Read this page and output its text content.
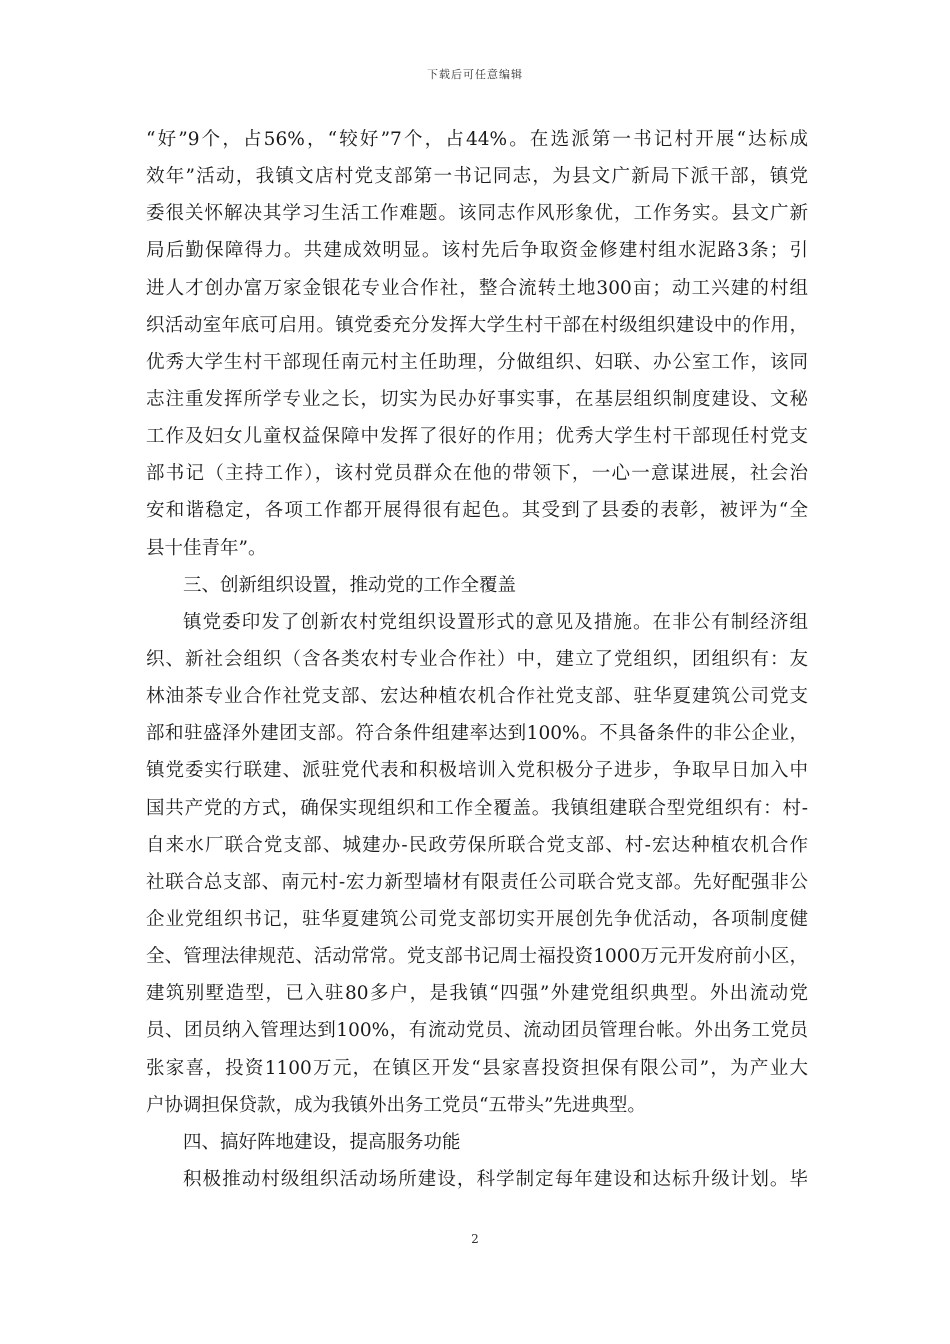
下载后可任意编辑
“好”9个，占56%，“较好”7个，占44%。在选派第一书记村开展“达标成
效年”活动，我镇文店村党支部第一书记同志，为县文广新局下派干部，镇党
委很关怀解决其学习生活工作难题。该同志作风形象优，工作务实。县文广新
局后勤保障得力。共建成效明显。该村先后争取资金修建村组水泥路3条；引
进人才创办富万家金银花专业合作社，整合流转土地300亩；动工兴建的村组
织活动室年底可启用。镇党委充分发挥大学生村干部在村级组织建设中的作用，
优秀大学生村干部现任南元村主任助理，分做组织、妇联、办公室工作，该同
志注重发挥所学专业之长，切实为民办好事实事，在基层组织制度建设、文秘
工作及妇女儿童权益保障中发挥了很好的作用；优秀大学生村干部现任村党支
部书记（主持工作），该村党员群众在他的带领下，一心一意谋进展，社会治
安和谐稳定，各项工作都开展得很有起色。其受到了县委的表彰，被评为“全
县十佳青年”。
三、创新组织设置，推动党的工作全覆盖
镇党委印发了创新农村党组织设置形式的意见及措施。在非公有制经济组
织、新社会组织（含各类农村专业合作社）中，建立了党组织，团组织有：友
林油茶专业合作社党支部、宏达种植农机合作社党支部、驻华夏建筑公司党支
部和驻盛泽外建团支部。符合条件组建率达到100%。不具备条件的非公企业，
镇党委实行联建、派驻党代表和积极培训入党积极分子进步，争取早日加入中
国共产党的方式，确保实现组织和工作全覆盖。我镇组建联合型党组织有：村-
自来水厂联合党支部、城建办-民政劳保所联合党支部、村-宏达种植农机合作
社联合总支部、南元村-宏力新型墙材有限责任公司联合党支部。先好配强非公
企业党组织书记，驻华夏建筑公司党支部切实开展创先争优活动，各项制度健
全、管理法律规范、活动常常。党支部书记周士福投资1000万元开发府前小区，
建筑别墅造型，已入驻80多户，是我镇“四强”外建党组织典型。外出流动党
员、团员纳入管理达到100%，有流动党员、流动团员管理台帐。外出务工党员
张家喜，投资1100万元，在镇区开发“县家喜投资担保有限公司”，为产业大
户协调担保贷款，成为我镇外出务工党员“五带头”先进典型。
四、搞好阵地建设，提高服务功能
积极推动村级组织活动场所建设，科学制定每年建设和达标升级计划。毕
2
